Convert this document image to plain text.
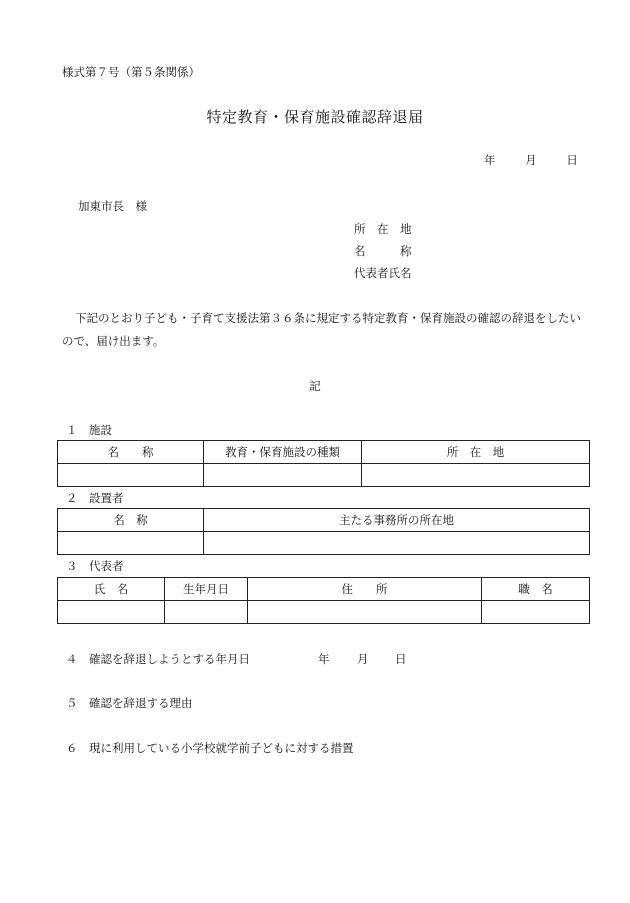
様式第７号（第５条関係）
特定教育・保育施設確認辞退届
年	月	日
加東市長　様
所　在　地
名　　　称
代表者氏名
下記のとおり子ども・子育て支援法第３６条に規定する特定教育・保育施設の確認の辞退をしたいので、届け出ます。
記
１　施設
名　　称	教育・保育施設の種類	所　在　地

２　設置者
名　称	主たる事務所の所在地

３　代表者
氏　名	生年月日	住　　所	職　名

４　確認を辞退しようとする年月日	年 月 日
５　確認を辞退する理由
６　現に利用している小学校就学前子どもに対する措置
